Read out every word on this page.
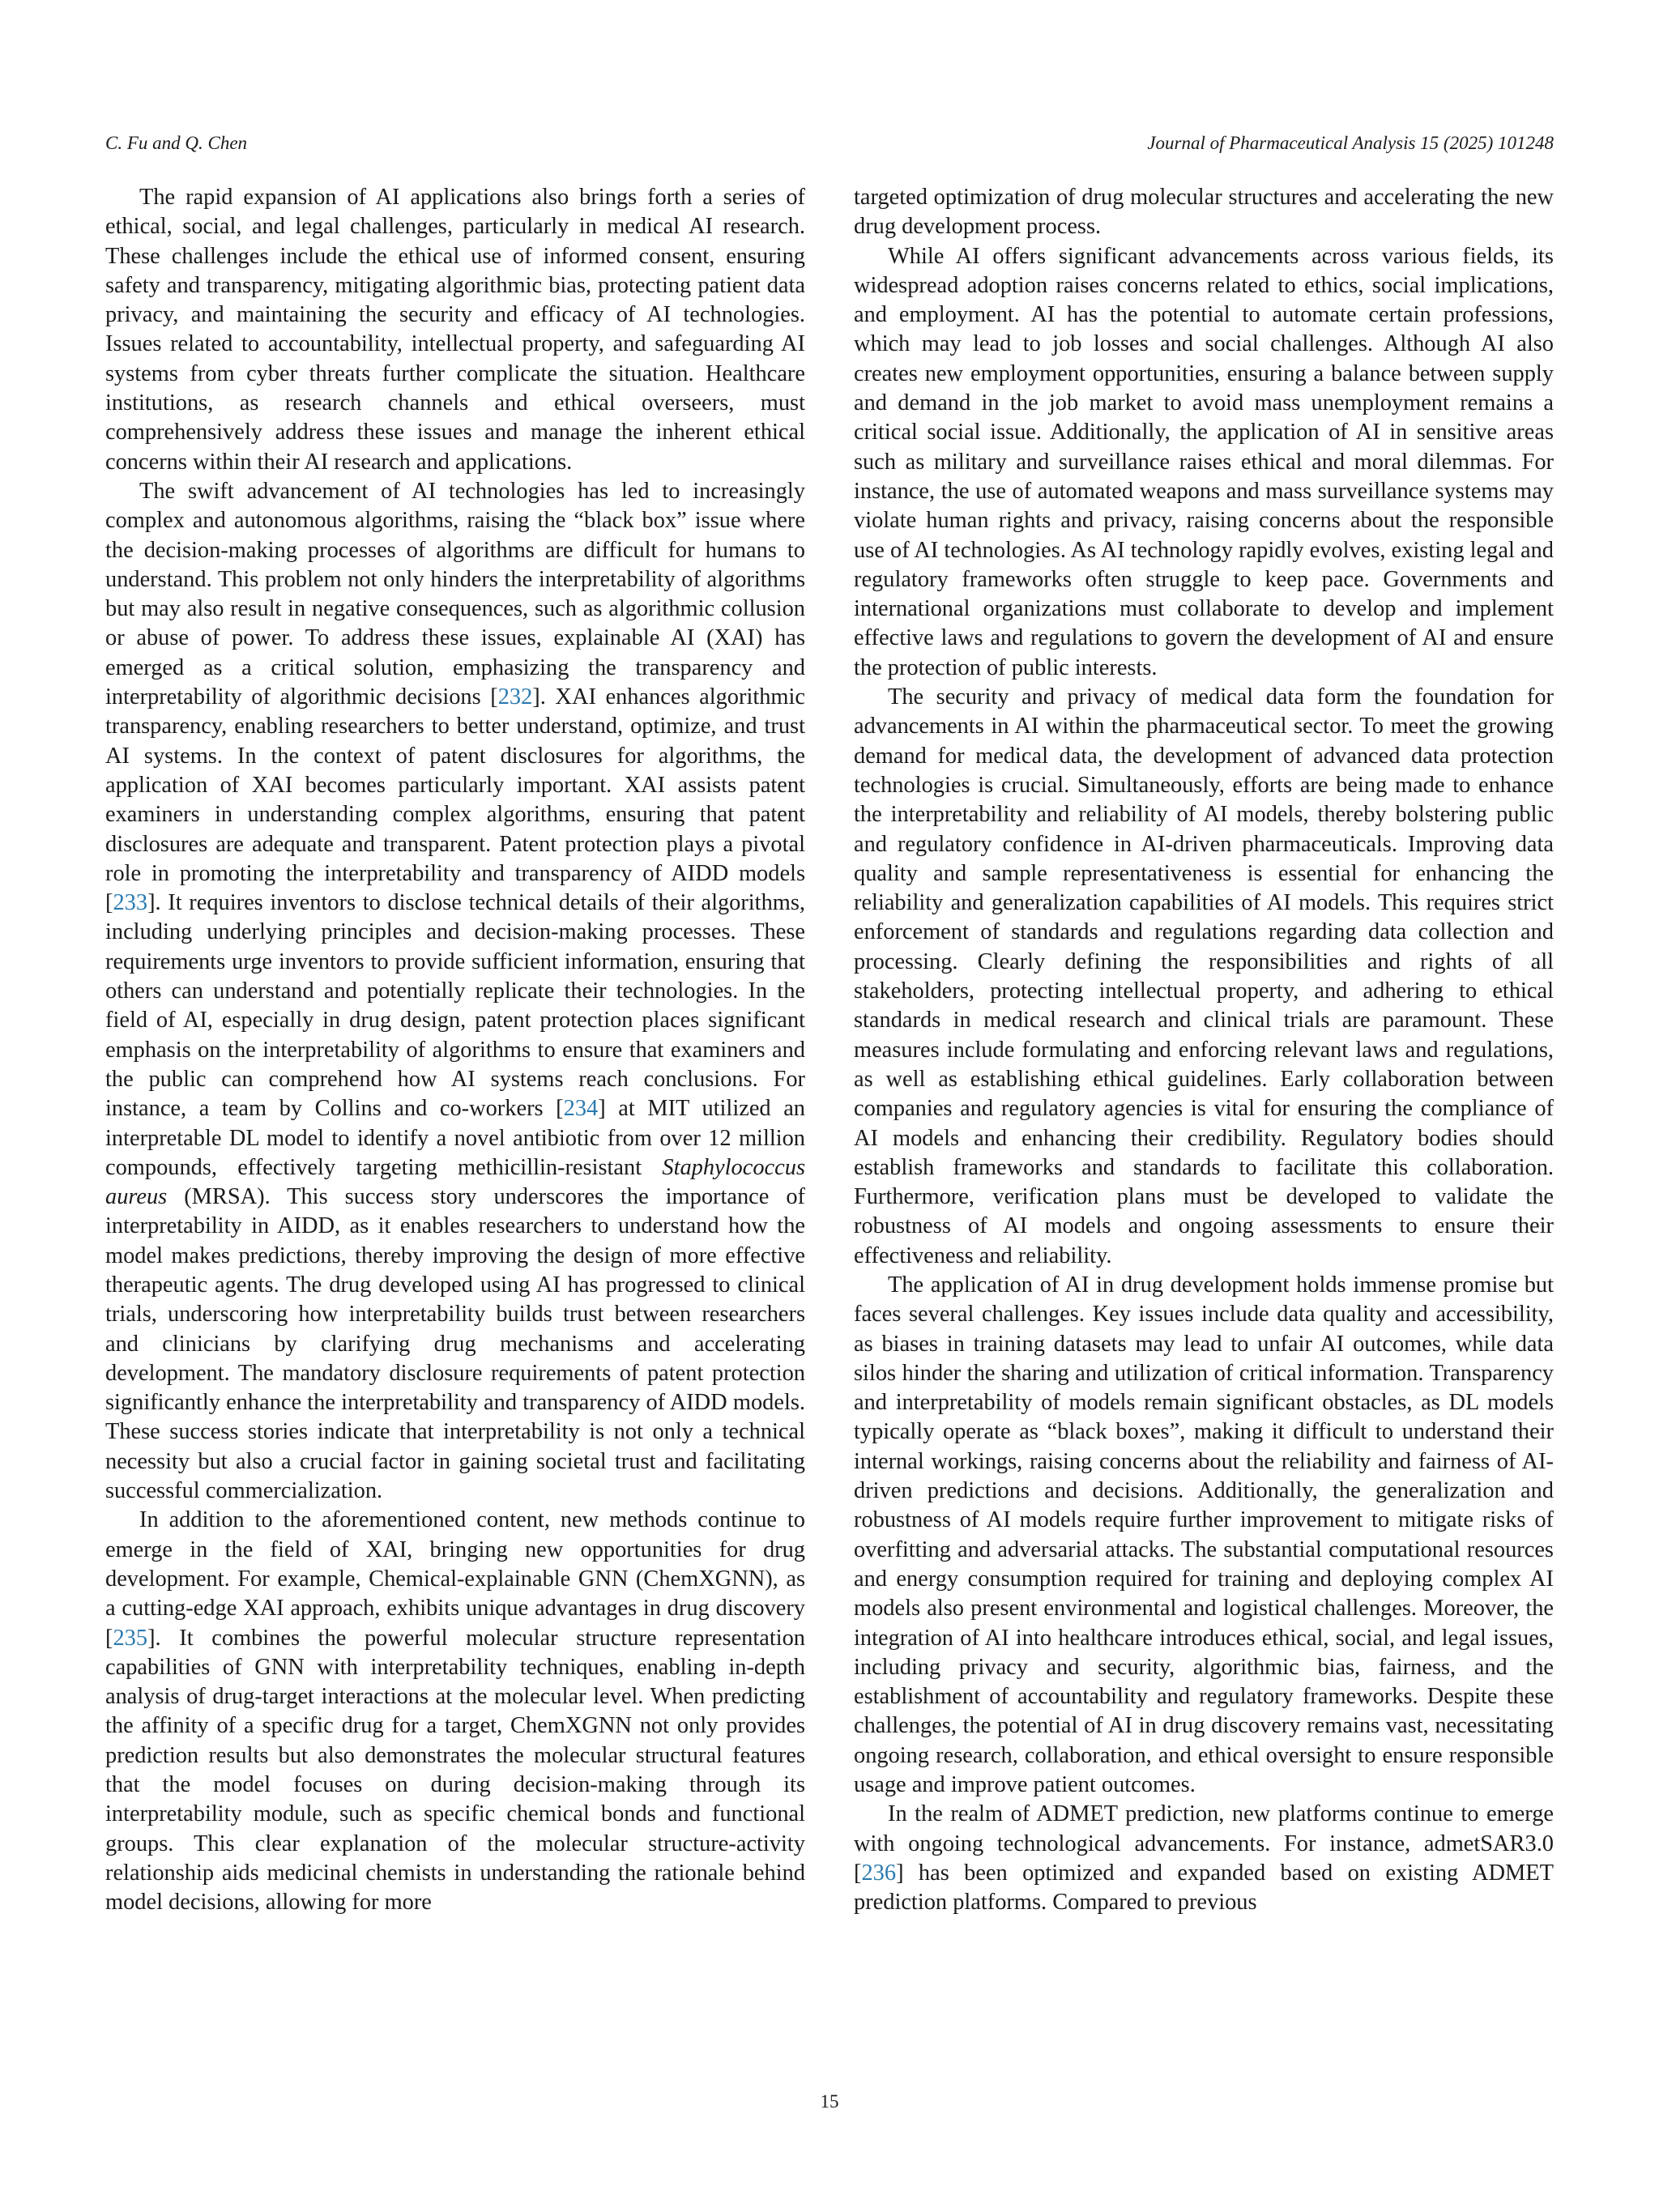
C. Fu and Q. Chen	Journal of Pharmaceutical Analysis 15 (2025) 101248

The rapid expansion of AI applications also brings forth a series of ethical, social, and legal challenges, particularly in medical AI research. These challenges include the ethical use of informed consent, ensuring safety and transparency, mitigating algorithmic bias, protecting patient data privacy, and maintaining the security and efficacy of AI technologies. Issues related to accountability, intellectual property, and safeguarding AI systems from cyber threats further complicate the situation. Healthcare institutions, as research channels and ethical overseers, must comprehensively address these issues and manage the inherent ethical concerns within their AI research and applications.

The swift advancement of AI technologies has led to increasingly complex and autonomous algorithms, raising the “black box” issue where the decision-making processes of algorithms are difficult for humans to understand. This problem not only hinders the interpretability of algorithms but may also result in negative consequences, such as algorithmic collusion or abuse of power. To address these issues, explainable AI (XAI) has emerged as a critical solution, emphasizing the transparency and interpretability of algorithmic decisions [232]. XAI enhances algorithmic transparency, enabling researchers to better understand, optimize, and trust AI systems. In the context of patent disclosures for algorithms, the application of XAI becomes particularly important. XAI assists patent examiners in understanding complex algorithms, ensuring that patent disclosures are adequate and transparent. Patent protection plays a pivotal role in promoting the interpretability and transparency of AIDD models [233]. It requires inventors to disclose technical details of their algorithms, including underlying principles and decision-making processes. These requirements urge inventors to provide sufficient information, ensuring that others can understand and potentially replicate their technologies. In the field of AI, especially in drug design, patent protection places significant emphasis on the interpretability of algorithms to ensure that examiners and the public can comprehend how AI systems reach conclusions. For instance, a team by Collins and co-workers [234] at MIT utilized an interpretable DL model to identify a novel antibiotic from over 12 million compounds, effectively targeting methicillin-resistant Staphylococcus aureus (MRSA). This success story underscores the importance of interpretability in AIDD, as it enables researchers to understand how the model makes predictions, thereby improving the design of more effective therapeutic agents. The drug developed using AI has progressed to clinical trials, underscoring how interpretability builds trust between researchers and clinicians by clarifying drug mechanisms and accelerating development. The mandatory disclosure requirements of patent protection significantly enhance the interpretability and transparency of AIDD models. These success stories indicate that interpretability is not only a technical necessity but also a crucial factor in gaining societal trust and facilitating successful commercialization.

In addition to the aforementioned content, new methods continue to emerge in the field of XAI, bringing new opportunities for drug development. For example, Chemical-explainable GNN (ChemXGNN), as a cutting-edge XAI approach, exhibits unique advantages in drug discovery [235]. It combines the powerful molecular structure representation capabilities of GNN with interpretability techniques, enabling in-depth analysis of drug-target interactions at the molecular level. When predicting the affinity of a specific drug for a target, ChemXGNN not only provides prediction results but also demonstrates the molecular structural features that the model focuses on during decision-making through its interpretability module, such as specific chemical bonds and functional groups. This clear explanation of the molecular structure-activity relationship aids medicinal chemists in understanding the rationale behind model decisions, allowing for more

targeted optimization of drug molecular structures and accelerating the new drug development process.

While AI offers significant advancements across various fields, its widespread adoption raises concerns related to ethics, social implications, and employment. AI has the potential to automate certain professions, which may lead to job losses and social challenges. Although AI also creates new employment opportunities, ensuring a balance between supply and demand in the job market to avoid mass unemployment remains a critical social issue. Additionally, the application of AI in sensitive areas such as military and surveillance raises ethical and moral dilemmas. For instance, the use of automated weapons and mass surveillance systems may violate human rights and privacy, raising concerns about the responsible use of AI technologies. As AI technology rapidly evolves, existing legal and regulatory frameworks often struggle to keep pace. Governments and international organizations must collaborate to develop and implement effective laws and regulations to govern the development of AI and ensure the protection of public interests.

The security and privacy of medical data form the foundation for advancements in AI within the pharmaceutical sector. To meet the growing demand for medical data, the development of advanced data protection technologies is crucial. Simultaneously, efforts are being made to enhance the interpretability and reliability of AI models, thereby bolstering public and regulatory confidence in AI-driven pharmaceuticals. Improving data quality and sample representativeness is essential for enhancing the reliability and generalization capabilities of AI models. This requires strict enforcement of standards and regulations regarding data collection and processing. Clearly defining the responsibilities and rights of all stakeholders, protecting intellectual property, and adhering to ethical standards in medical research and clinical trials are paramount. These measures include formulating and enforcing relevant laws and regulations, as well as establishing ethical guidelines. Early collaboration between companies and regulatory agencies is vital for ensuring the compliance of AI models and enhancing their credibility. Regulatory bodies should establish frameworks and standards to facilitate this collaboration. Furthermore, verification plans must be developed to validate the robustness of AI models and ongoing assessments to ensure their effectiveness and reliability.

The application of AI in drug development holds immense promise but faces several challenges. Key issues include data quality and accessibility, as biases in training datasets may lead to unfair AI outcomes, while data silos hinder the sharing and utilization of critical information. Transparency and interpretability of models remain significant obstacles, as DL models typically operate as “black boxes”, making it difficult to understand their internal workings, raising concerns about the reliability and fairness of AI-driven predictions and decisions. Additionally, the generalization and robustness of AI models require further improvement to mitigate risks of overfitting and adversarial attacks. The substantial computational resources and energy consumption required for training and deploying complex AI models also present environmental and logistical challenges. Moreover, the integration of AI into healthcare introduces ethical, social, and legal issues, including privacy and security, algorithmic bias, fairness, and the establishment of accountability and regulatory frameworks. Despite these challenges, the potential of AI in drug discovery remains vast, necessitating ongoing research, collaboration, and ethical oversight to ensure responsible usage and improve patient outcomes.

In the realm of ADMET prediction, new platforms continue to emerge with ongoing technological advancements. For instance, admetSAR3.0 [236] has been optimized and expanded based on existing ADMET prediction platforms. Compared to previous

15
